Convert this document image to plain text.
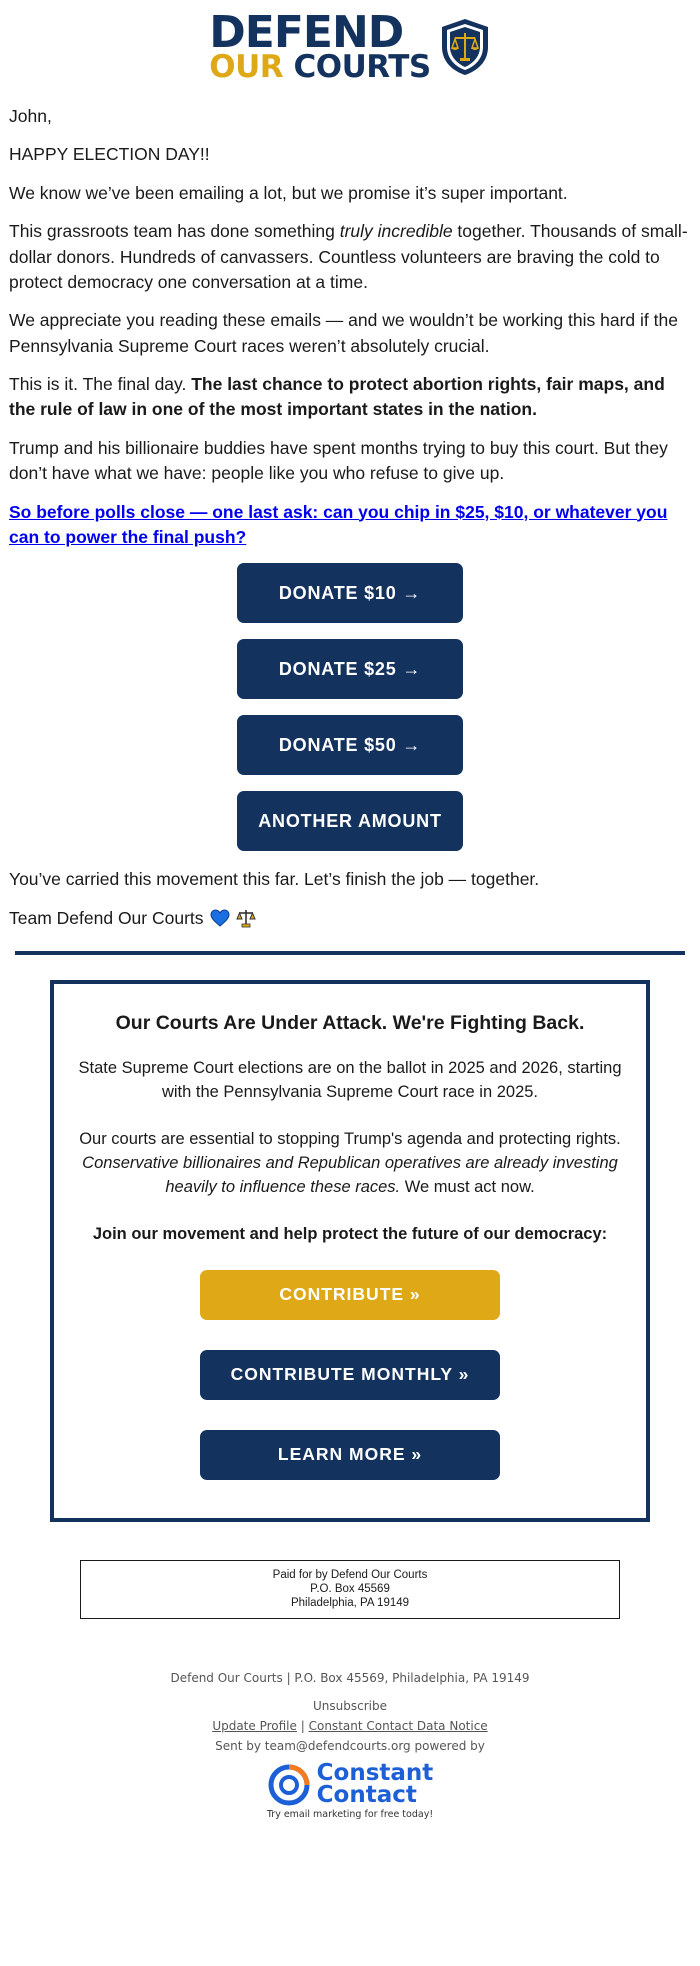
DEFEND
OUR COURTS

John,

HAPPY ELECTION DAY!!

We know we’ve been emailing a lot, but we promise it’s super important.

This grassroots team has done something truly incredible together. Thousands of small-dollar donors. Hundreds of canvassers. Countless volunteers are braving the cold to protect democracy one conversation at a time.

We appreciate you reading these emails — and we wouldn’t be working this hard if the Pennsylvania Supreme Court races weren’t absolutely crucial.

This is it. The final day. The last chance to protect abortion rights, fair maps, and the rule of law in one of the most important states in the nation.

Trump and his billionaire buddies have spent months trying to buy this court. But they don’t have what we have: people like you who refuse to give up.

So before polls close — one last ask: can you chip in $25, $10, or whatever you can to power the final push?
DONATE $10 →
DONATE $25 →
DONATE $50 →
ANOTHER AMOUNT

You’ve carried this movement this far. Let’s finish the job — together.

Team Defend Our Courts

Our Courts Are Under Attack. We're Fighting Back.

State Supreme Court elections are on the ballot in 2025 and 2026, starting with the Pennsylvania Supreme Court race in 2025.

Our courts are essential to stopping Trump's agenda and protecting rights. Conservative billionaires and Republican operatives are already investing heavily to influence these races. We must act now.

Join our movement and help protect the future of our democracy:

CONTRIBUTE »
CONTRIBUTE MONTHLY »
LEARN MORE »
Paid for by Defend Our Courts
P.O. Box 45569
Philadelphia, PA 19149
Defend Our Courts | P.O. Box 45569, Philadelphia, PA 19149
Unsubscribe
Update Profile | Constant Contact Data Notice
Sent by team@defendcourts.org powered by
Constant
Contact
Try email marketing for free today!
